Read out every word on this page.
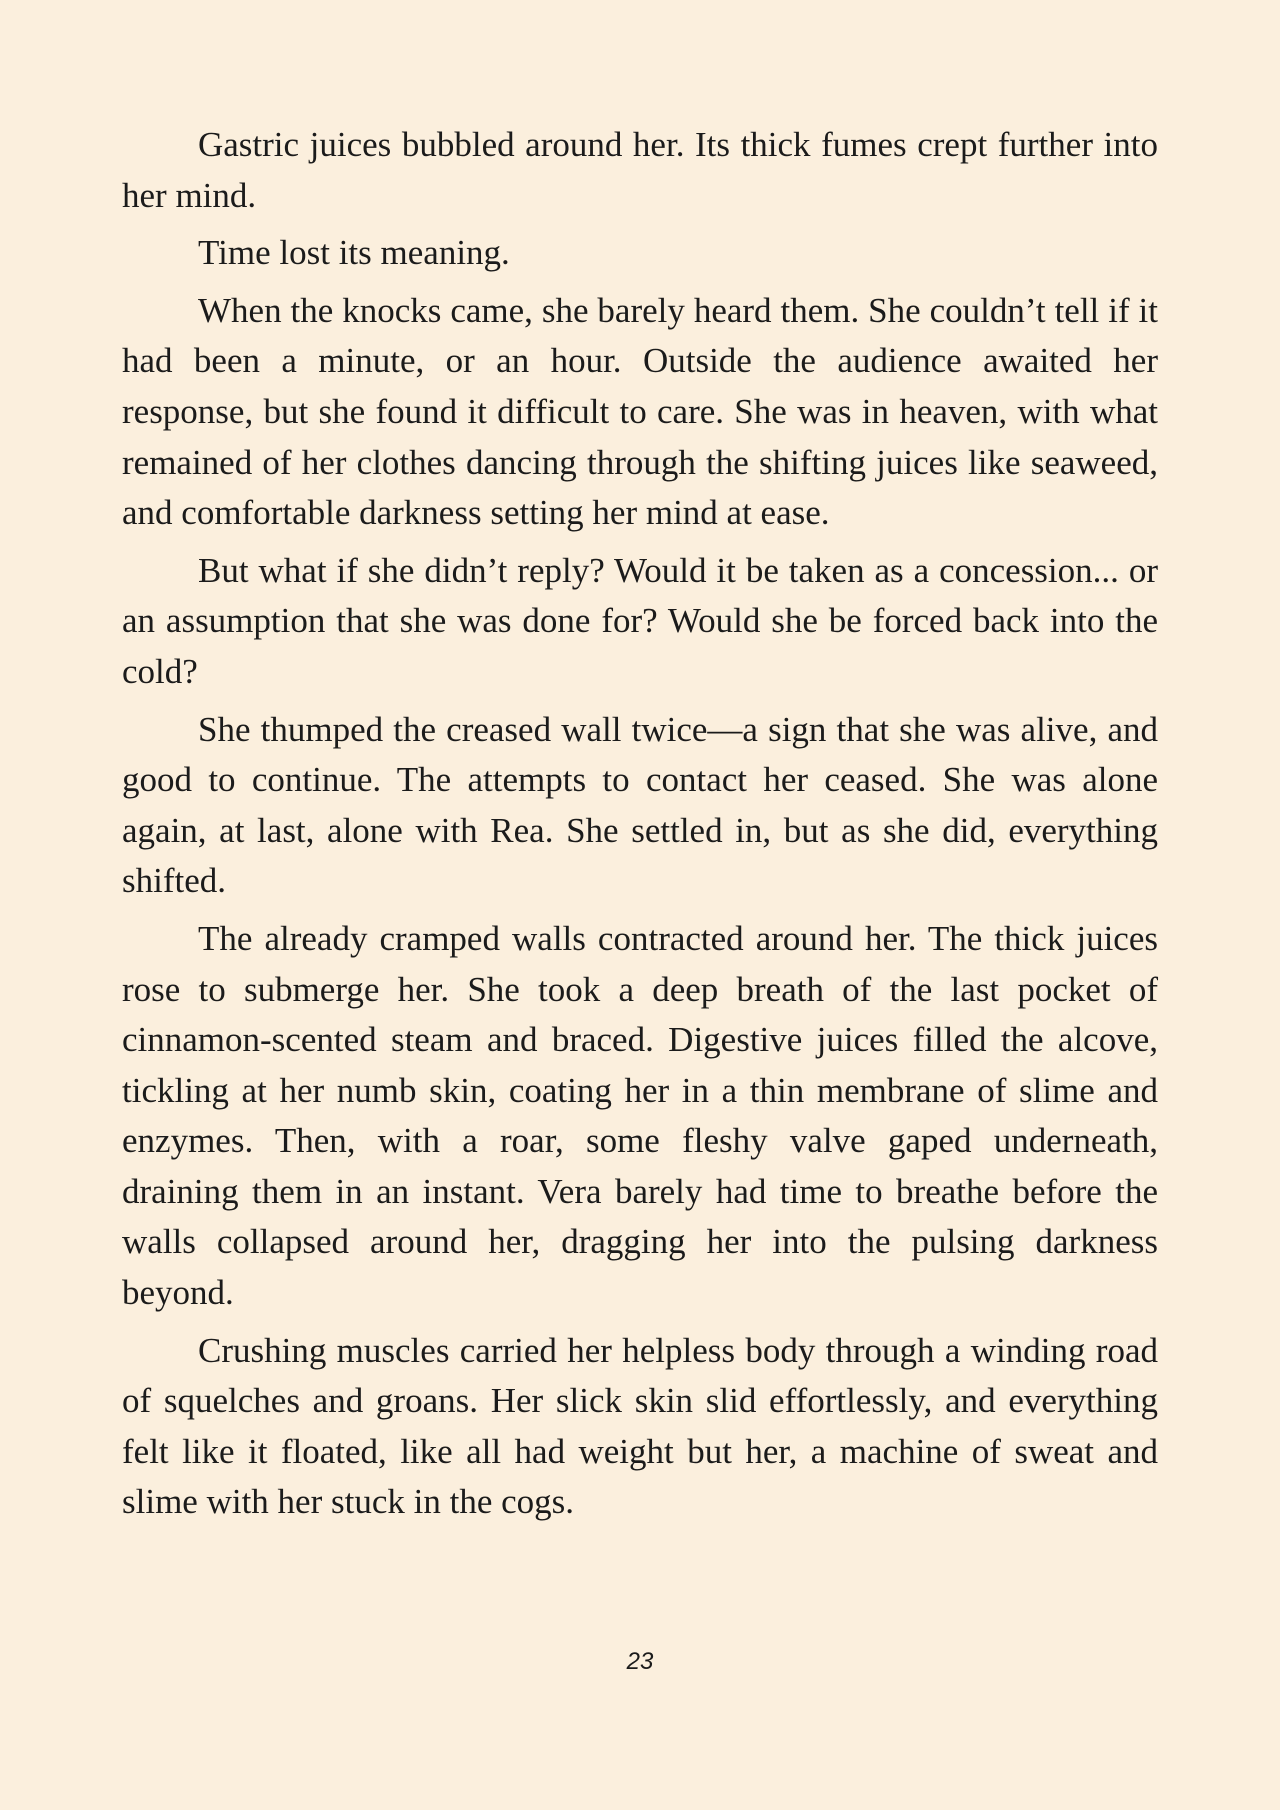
Gastric juices bubbled around her. Its thick fumes crept further into her mind.

Time lost its meaning.

When the knocks came, she barely heard them. She couldn’t tell if it had been a minute, or an hour. Outside the audience awaited her response, but she found it difficult to care. She was in heaven, with what remained of her clothes dancing through the shifting juices like seaweed, and comfortable darkness setting her mind at ease.

But what if she didn’t reply? Would it be taken as a concession... or an assumption that she was done for? Would she be forced back into the cold?

She thumped the creased wall twice—a sign that she was alive, and good to continue. The attempts to contact her ceased. She was alone again, at last, alone with Rea. She settled in, but as she did, everything shifted.

The already cramped walls contracted around her. The thick juices rose to submerge her. She took a deep breath of the last pocket of cinnamon-scented steam and braced. Digestive juices filled the alcove, tickling at her numb skin, coating her in a thin membrane of slime and enzymes. Then, with a roar, some fleshy valve gaped underneath, draining them in an instant. Vera barely had time to breathe before the walls collapsed around her, dragging her into the pulsing darkness beyond.

Crushing muscles carried her helpless body through a winding road of squelches and groans. Her slick skin slid effortlessly, and everything felt like it floated, like all had weight but her, a machine of sweat and slime with her stuck in the cogs.

23
